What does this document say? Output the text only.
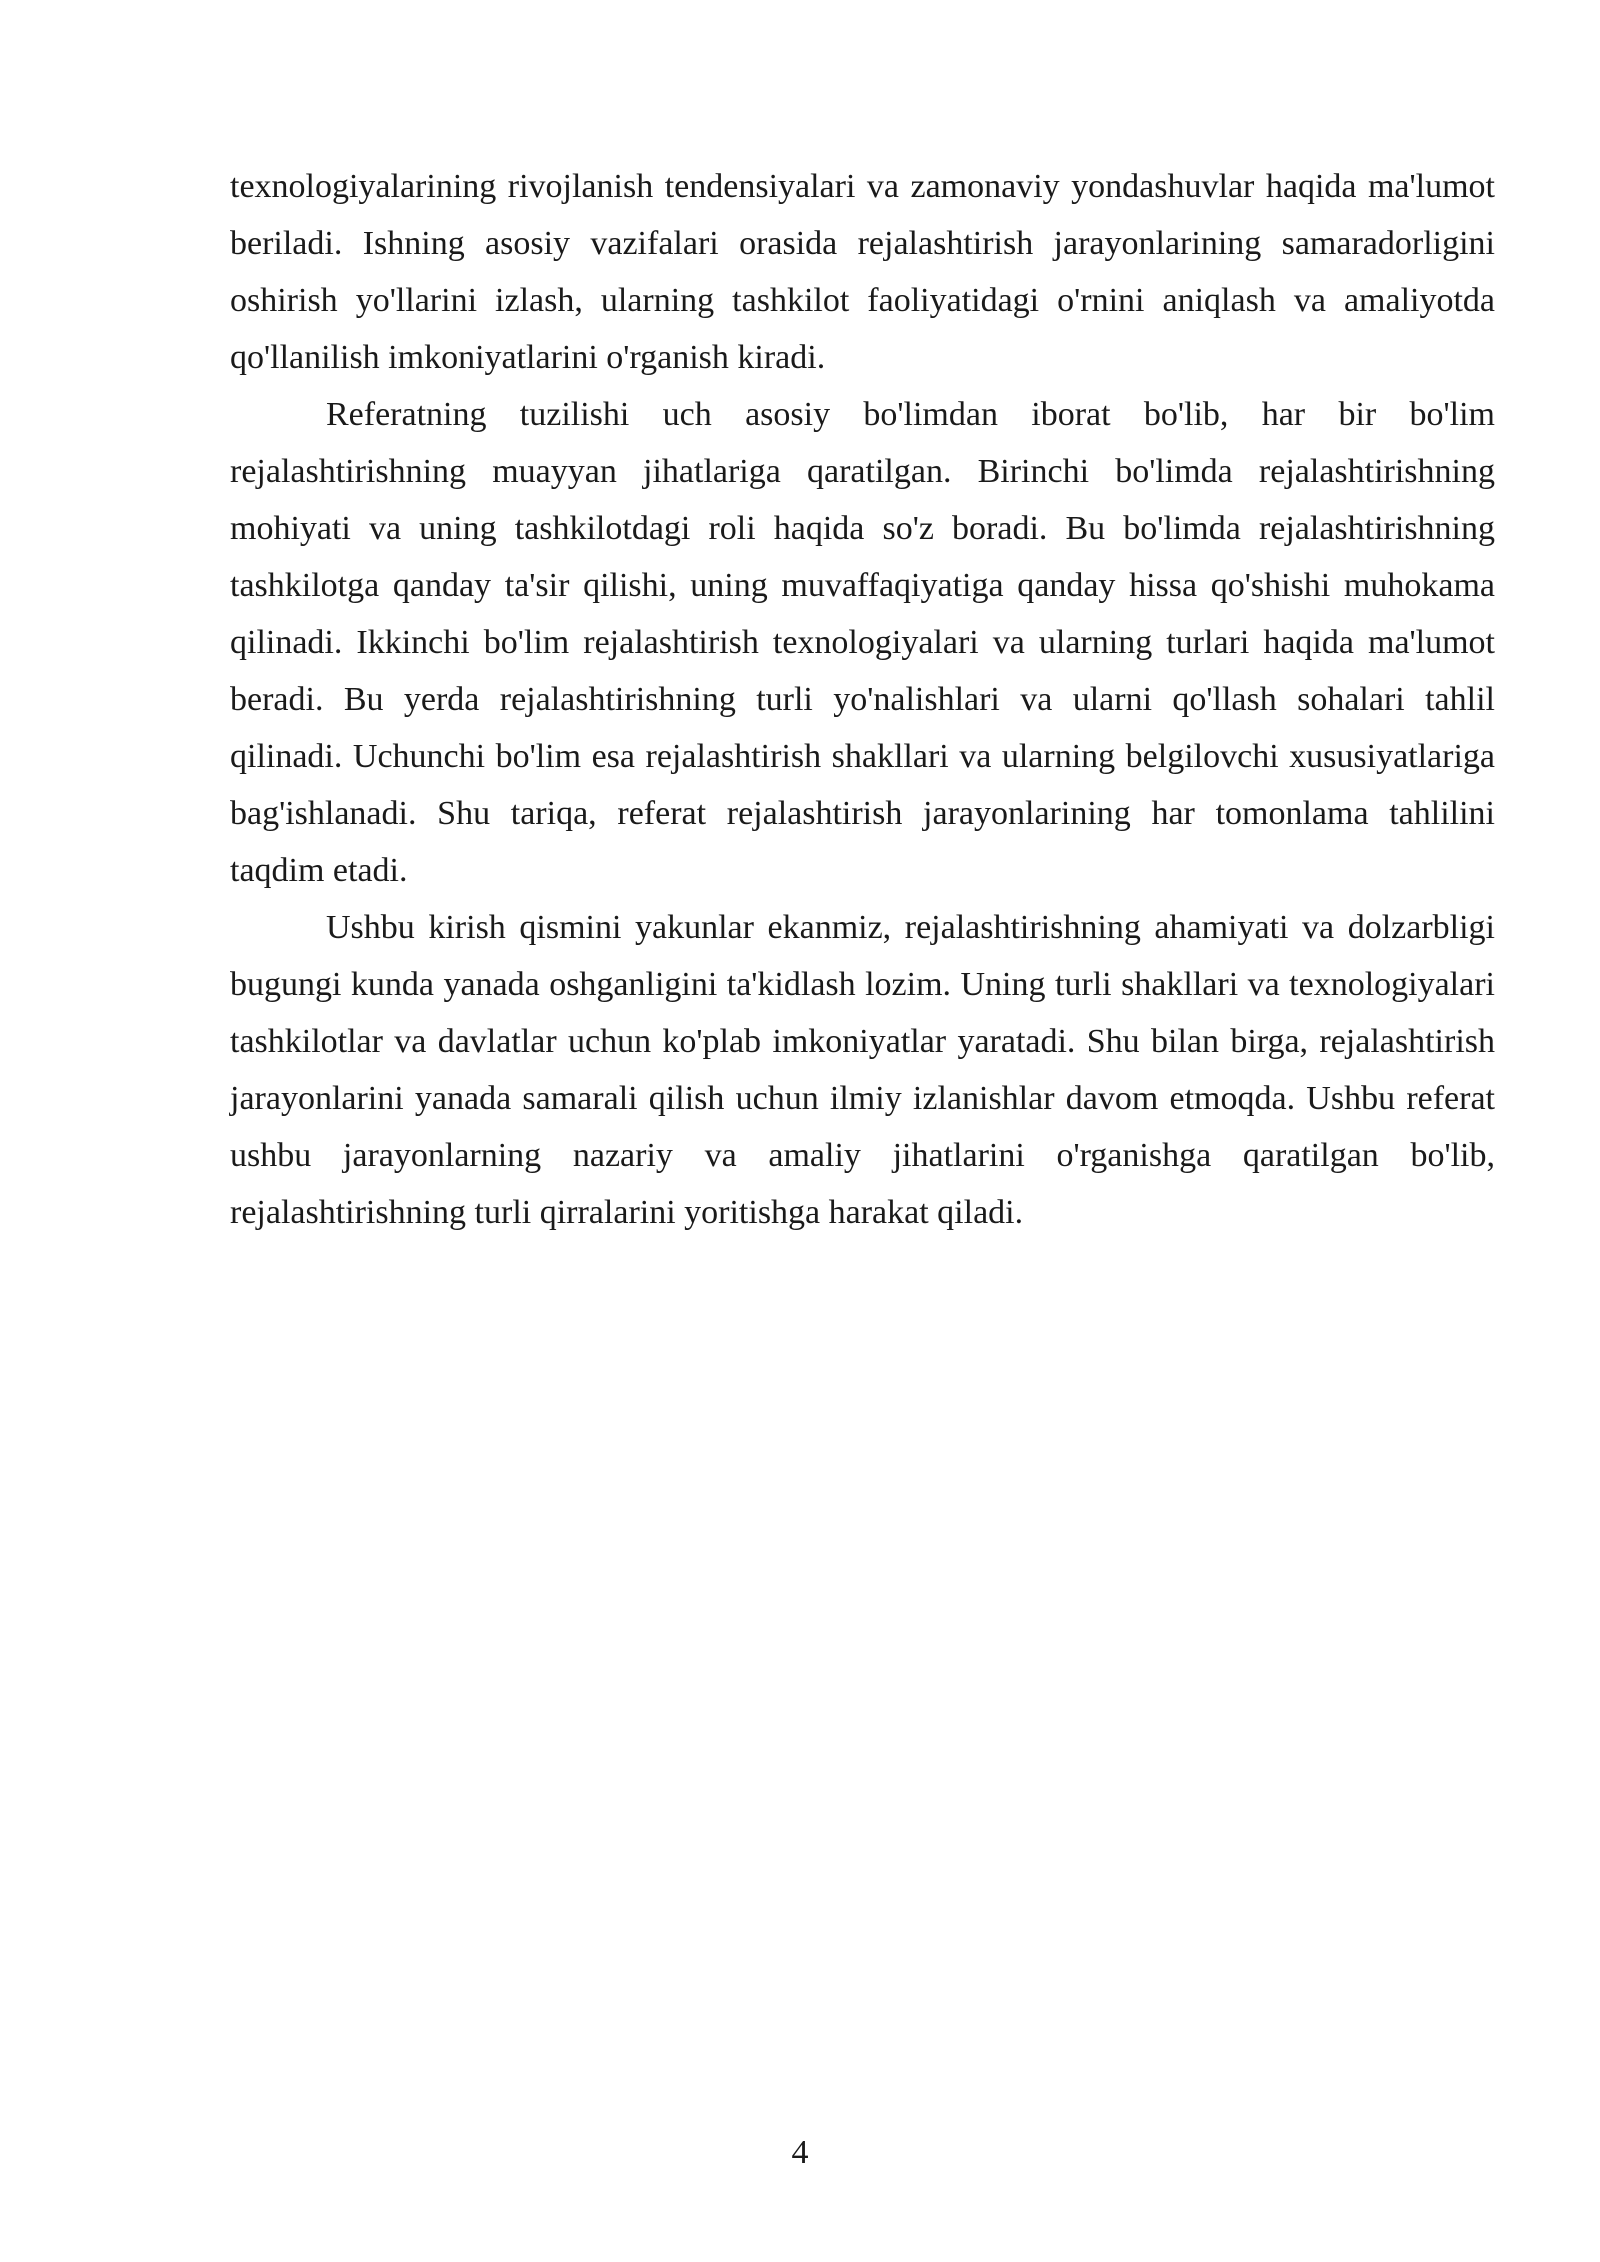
texnologiyalarining rivojlanish tendensiyalari va zamonaviy yondashuvlar haqida ma'lumot beriladi. Ishning asosiy vazifalari orasida rejalashtirish jarayonlarining samaradorligini oshirish yo'llarini izlash, ularning tashkilot faoliyatidagi o'rnini aniqlash va amaliyotda qo'llanilish imkoniyatlarini o'rganish kiradi.

Referatning tuzilishi uch asosiy bo'limdan iborat bo'lib, har bir bo'lim rejalashtirishning muayyan jihatlariga qaratilgan. Birinchi bo'limda rejalashtirishning mohiyati va uning tashkilotdagi roli haqida so'z boradi. Bu bo'limda rejalashtirishning tashkilotga qanday ta'sir qilishi, uning muvaffaqiyatiga qanday hissa qo'shishi muhokama qilinadi. Ikkinchi bo'lim rejalashtirish texnologiyalari va ularning turlari haqida ma'lumot beradi. Bu yerda rejalashtirishning turli yo'nalishlari va ularni qo'llash sohalari tahlil qilinadi. Uchunchi bo'lim esa rejalashtirish shakllari va ularning belgilovchi xususiyatlariga bag'ishlanadi. Shu tariqa, referat rejalashtirish jarayonlarining har tomonlama tahlilini taqdim etadi.

Ushbu kirish qismini yakunlar ekanmiz, rejalashtirishning ahamiyati va dolzarbligi bugungi kunda yanada oshganligini ta'kidlash lozim. Uning turli shakllari va texnologiyalari tashkilotlar va davlatlar uchun ko'plab imkoniyatlar yaratadi. Shu bilan birga, rejalashtirish jarayonlarini yanada samarali qilish uchun ilmiy izlanishlar davom etmoqda. Ushbu referat ushbu jarayonlarning nazariy va amaliy jihatlarini o'rganishga qaratilgan bo'lib, rejalashtirishning turli qirralarini yoritishga harakat qiladi.

4
